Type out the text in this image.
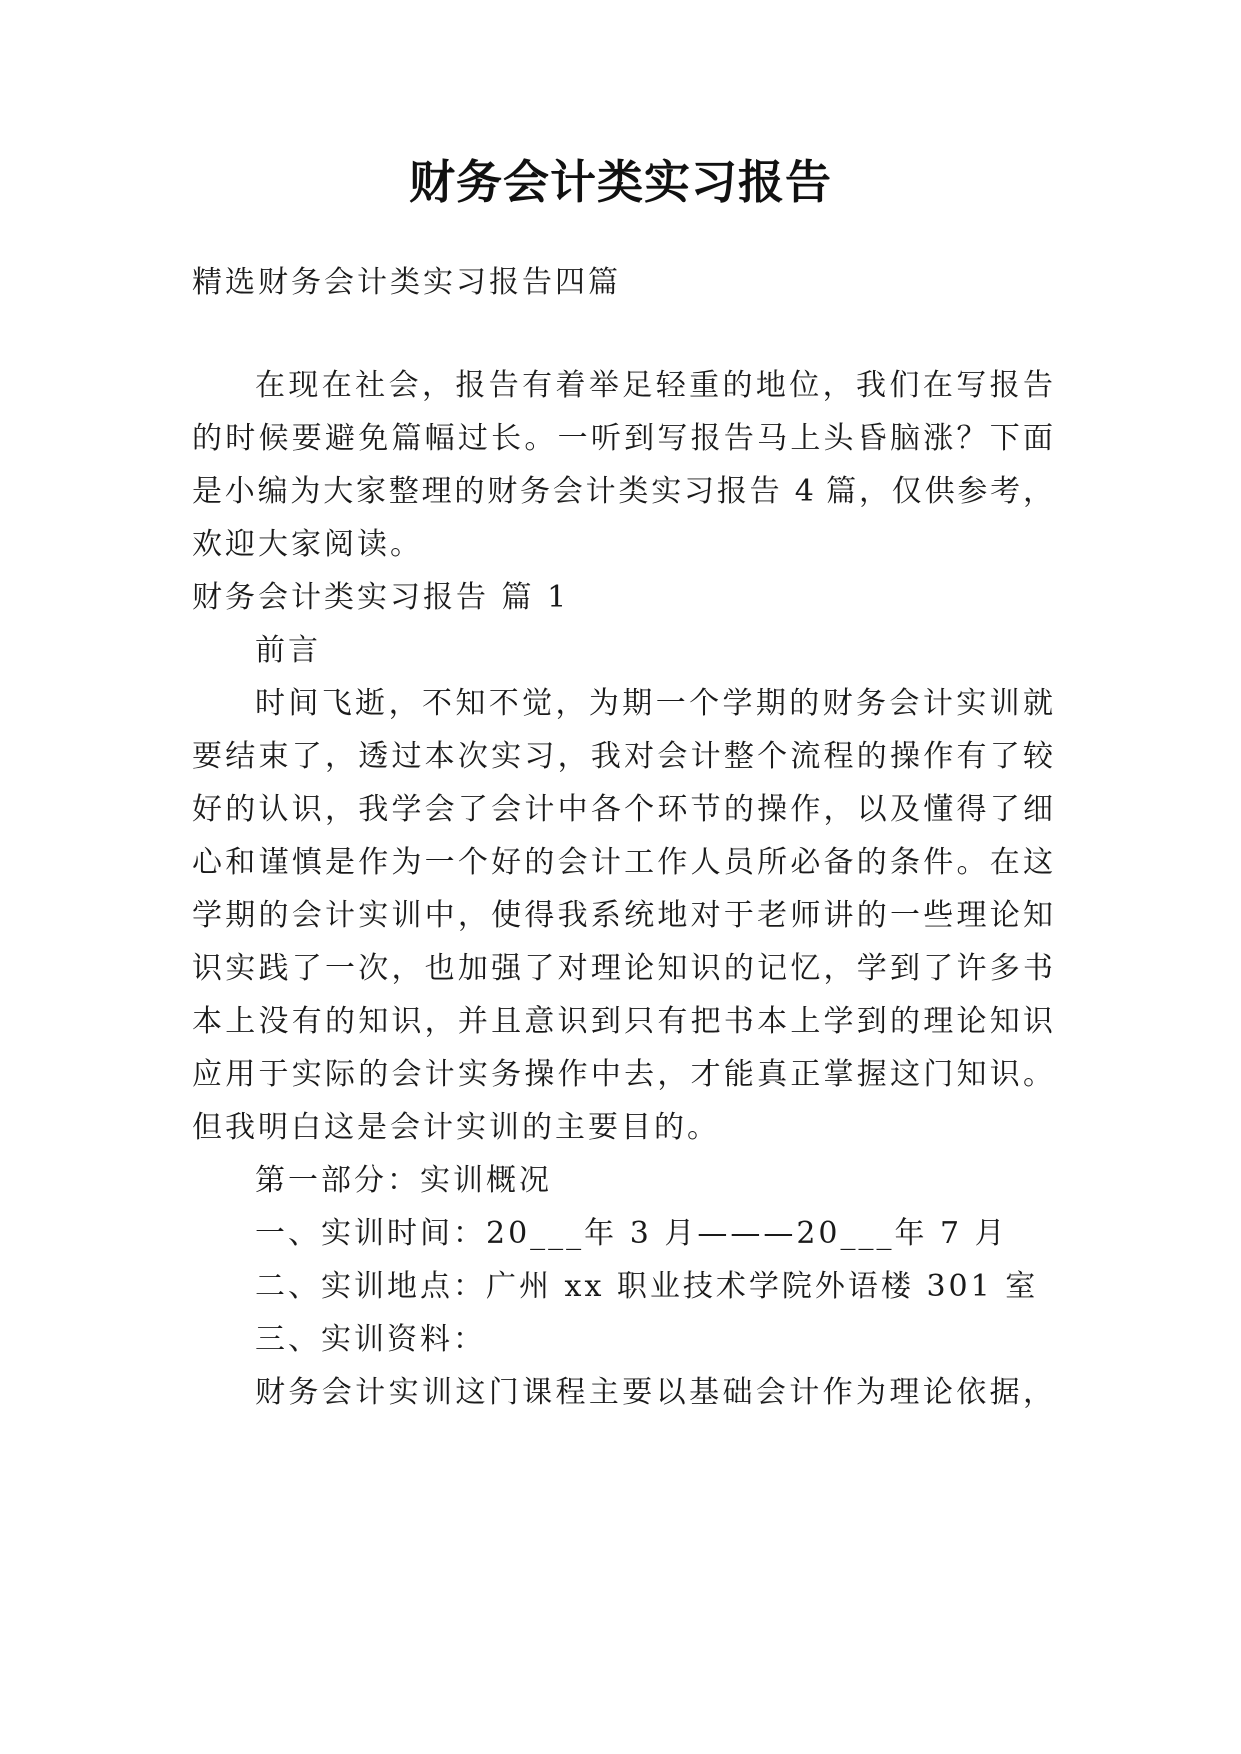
财务会计类实习报告
精选财务会计类实习报告四篇
在现在社会，报告有着举足轻重的地位，我们在写报告
的时候要避免篇幅过长。一听到写报告马上头昏脑涨？下面
是小编为大家整理的财务会计类实习报告 4 篇，仅供参考，
欢迎大家阅读。
财务会计类实习报告 篇 1
前言
时间飞逝，不知不觉，为期一个学期的财务会计实训就
要结束了，透过本次实习，我对会计整个流程的操作有了较
好的认识，我学会了会计中各个环节的操作，以及懂得了细
心和谨慎是作为一个好的会计工作人员所必备的条件。在这
学期的会计实训中，使得我系统地对于老师讲的一些理论知
识实践了一次，也加强了对理论知识的记忆，学到了许多书
本上没有的知识，并且意识到只有把书本上学到的理论知识
应用于实际的会计实务操作中去，才能真正掌握这门知识。
但我明白这是会计实训的主要目的。
第一部分：实训概况
一、实训时间：20___年 3 月———20___年 7 月
二、实训地点：广州 xx 职业技术学院外语楼 301 室
三、实训资料：
财务会计实训这门课程主要以基础会计作为理论依据，
